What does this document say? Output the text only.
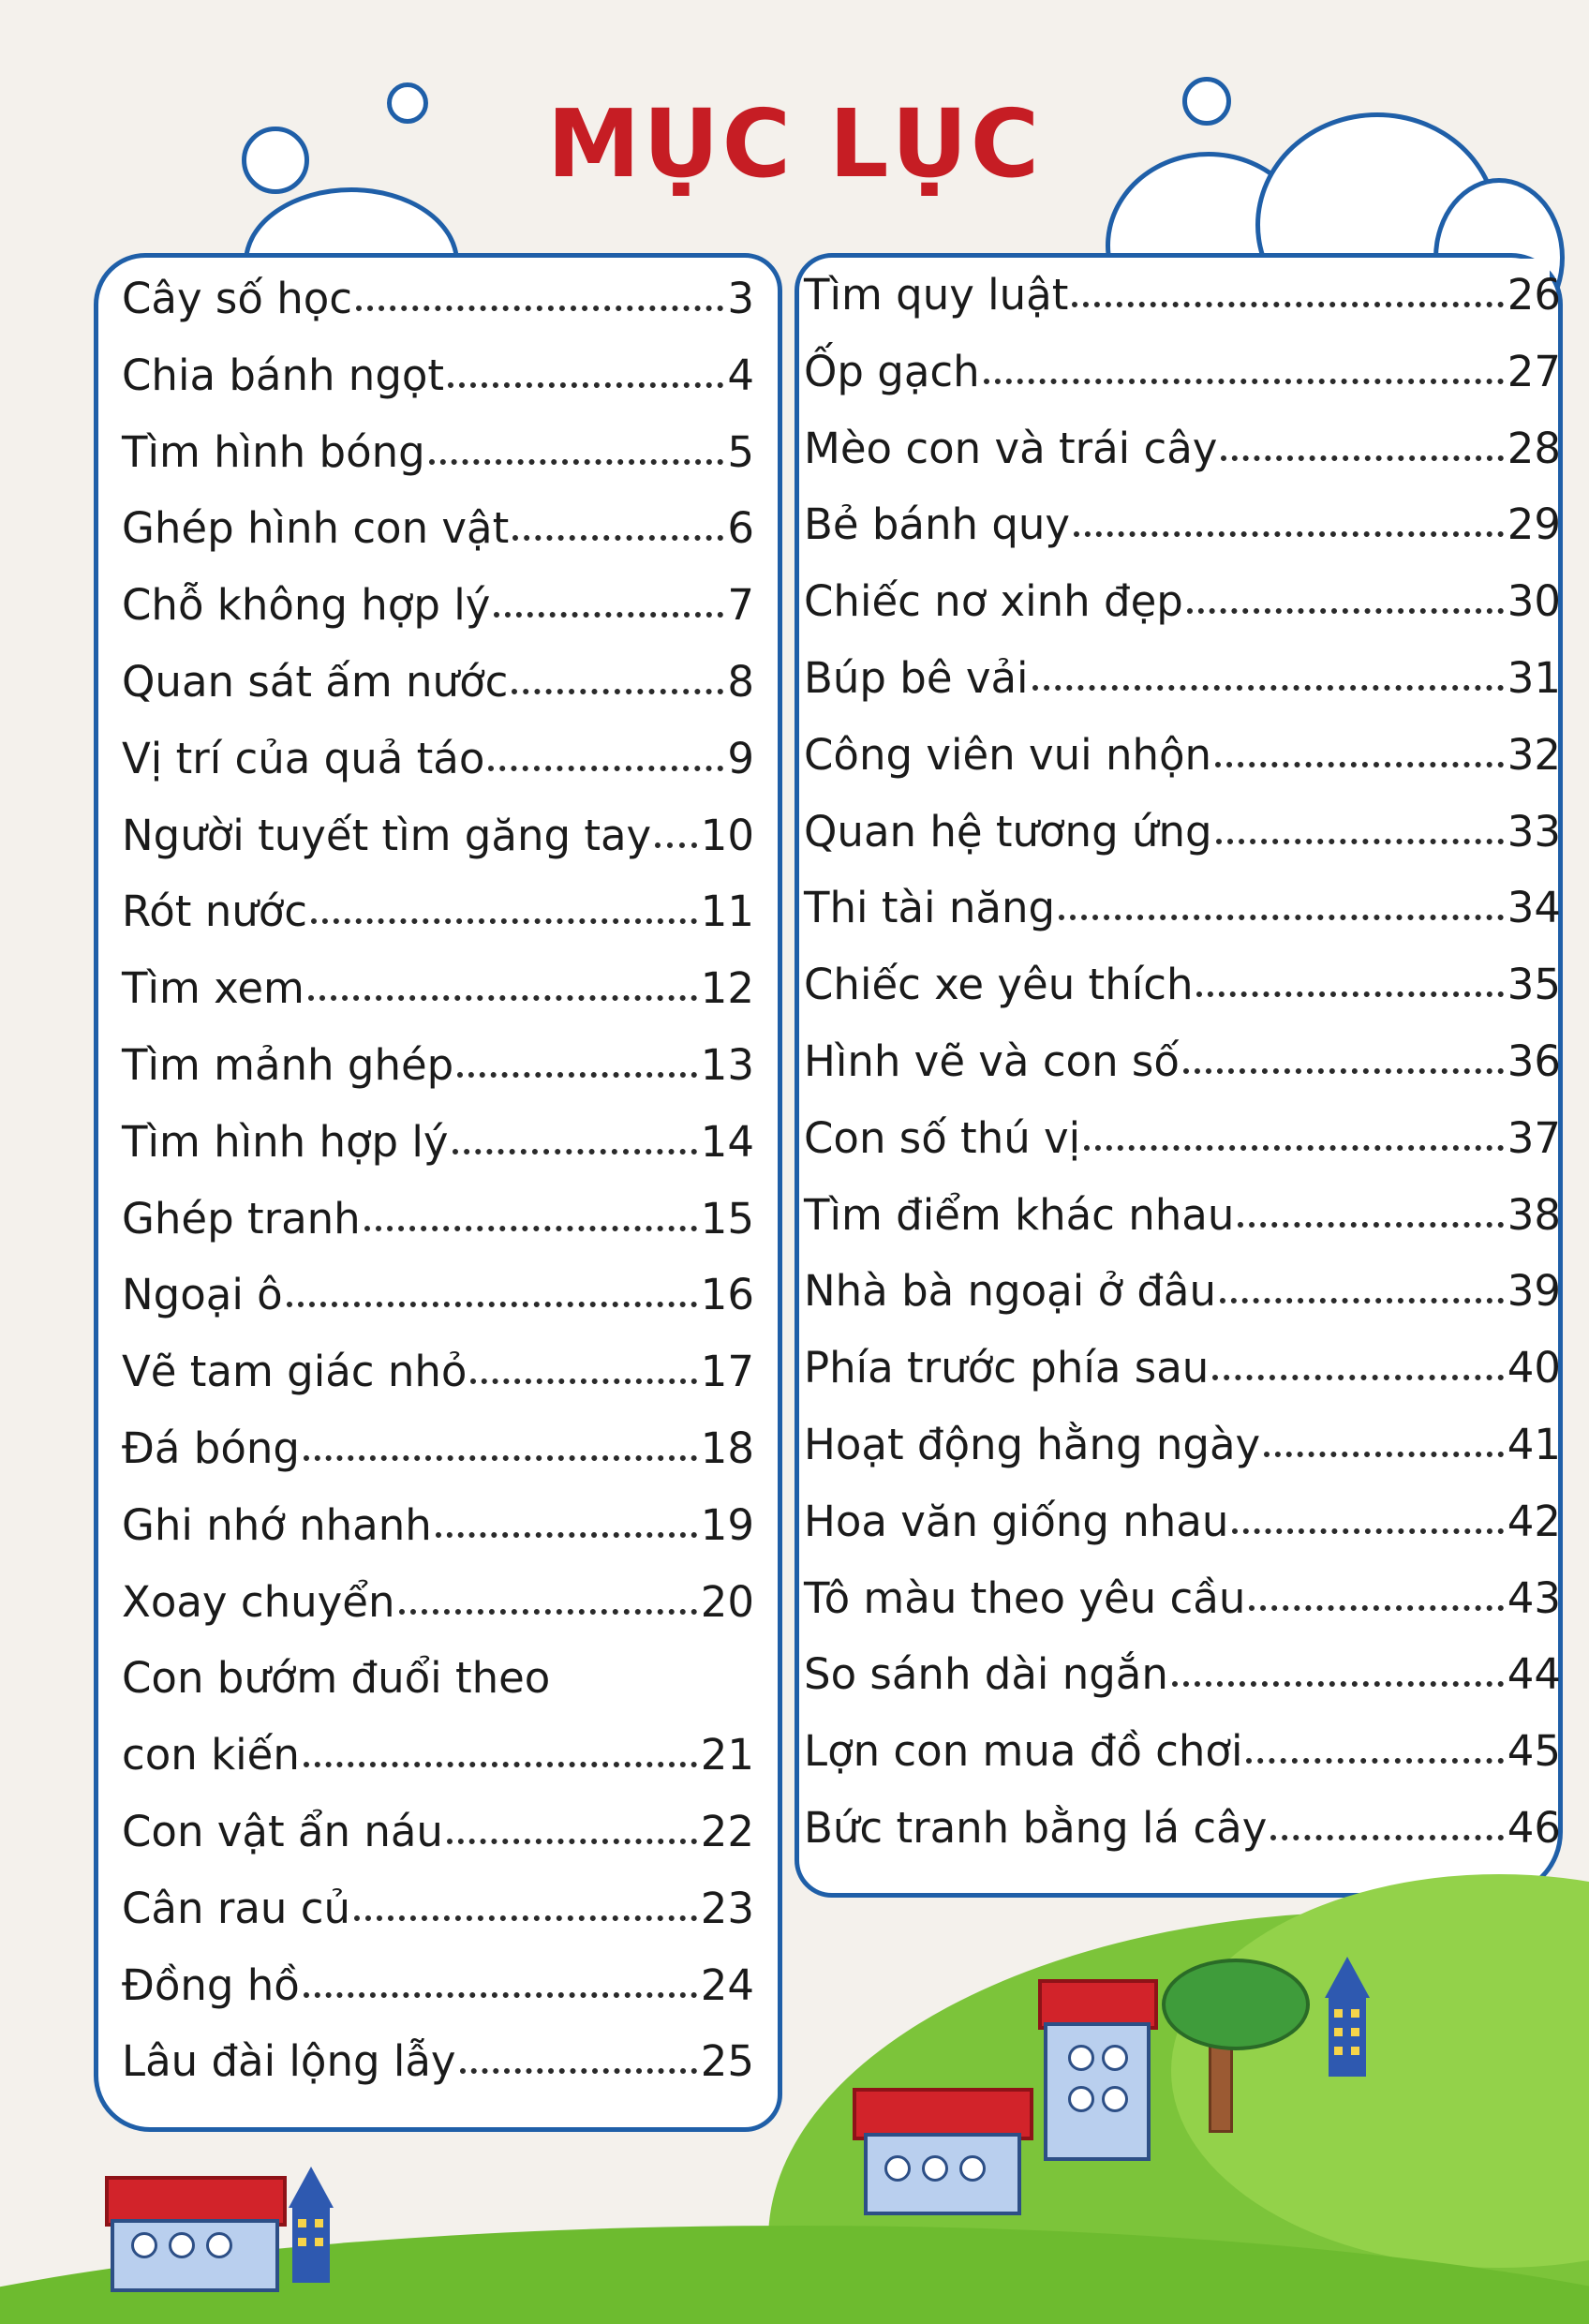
MỤC LỤC
Cây số học	3
Chia bánh ngọt	4
Tìm hình bóng	5
Ghép hình con vật	6
Chỗ không hợp lý	7
Quan sát ấm nước	8
Vị trí của quả táo	9
Người tuyết tìm găng tay 10
Rót nước	11
Tìm xem	12
Tìm mảnh ghép	13
Tìm hình hợp lý	14
Ghép tranh	15
Ngoại ô	16
Vẽ tam giác nhỏ	17
Đá bóng	18
Ghi nhớ nhanh	19
Xoay chuyển	20
Con bướm đuổi theo
con kiến	21
Con vật ẩn náu	22
Cân rau củ	23
Đồng hồ	24
Lâu đài lộng lẫy	25
Tìm quy luật	26
Ốp gạch	27
Mèo con và trái cây	28
Bẻ bánh quy	29
Chiếc nơ xinh đẹp	30
Búp bê vải	31
Công viên vui nhộn	32
Quan hệ tương ứng	33
Thi tài năng	34
Chiếc xe yêu thích	35
Hình vẽ và con số	36
Con số thú vị	37
Tìm điểm khác nhau	38
Nhà bà ngoại ở đâu	39
Phía trước phía sau	40
Hoạt động hằng ngày	41
Hoa văn giống nhau	42
Tô màu theo yêu cầu	43
So sánh dài ngắn	44
Lợn con mua đồ chơi	45
Bức tranh bằng lá cây	46
